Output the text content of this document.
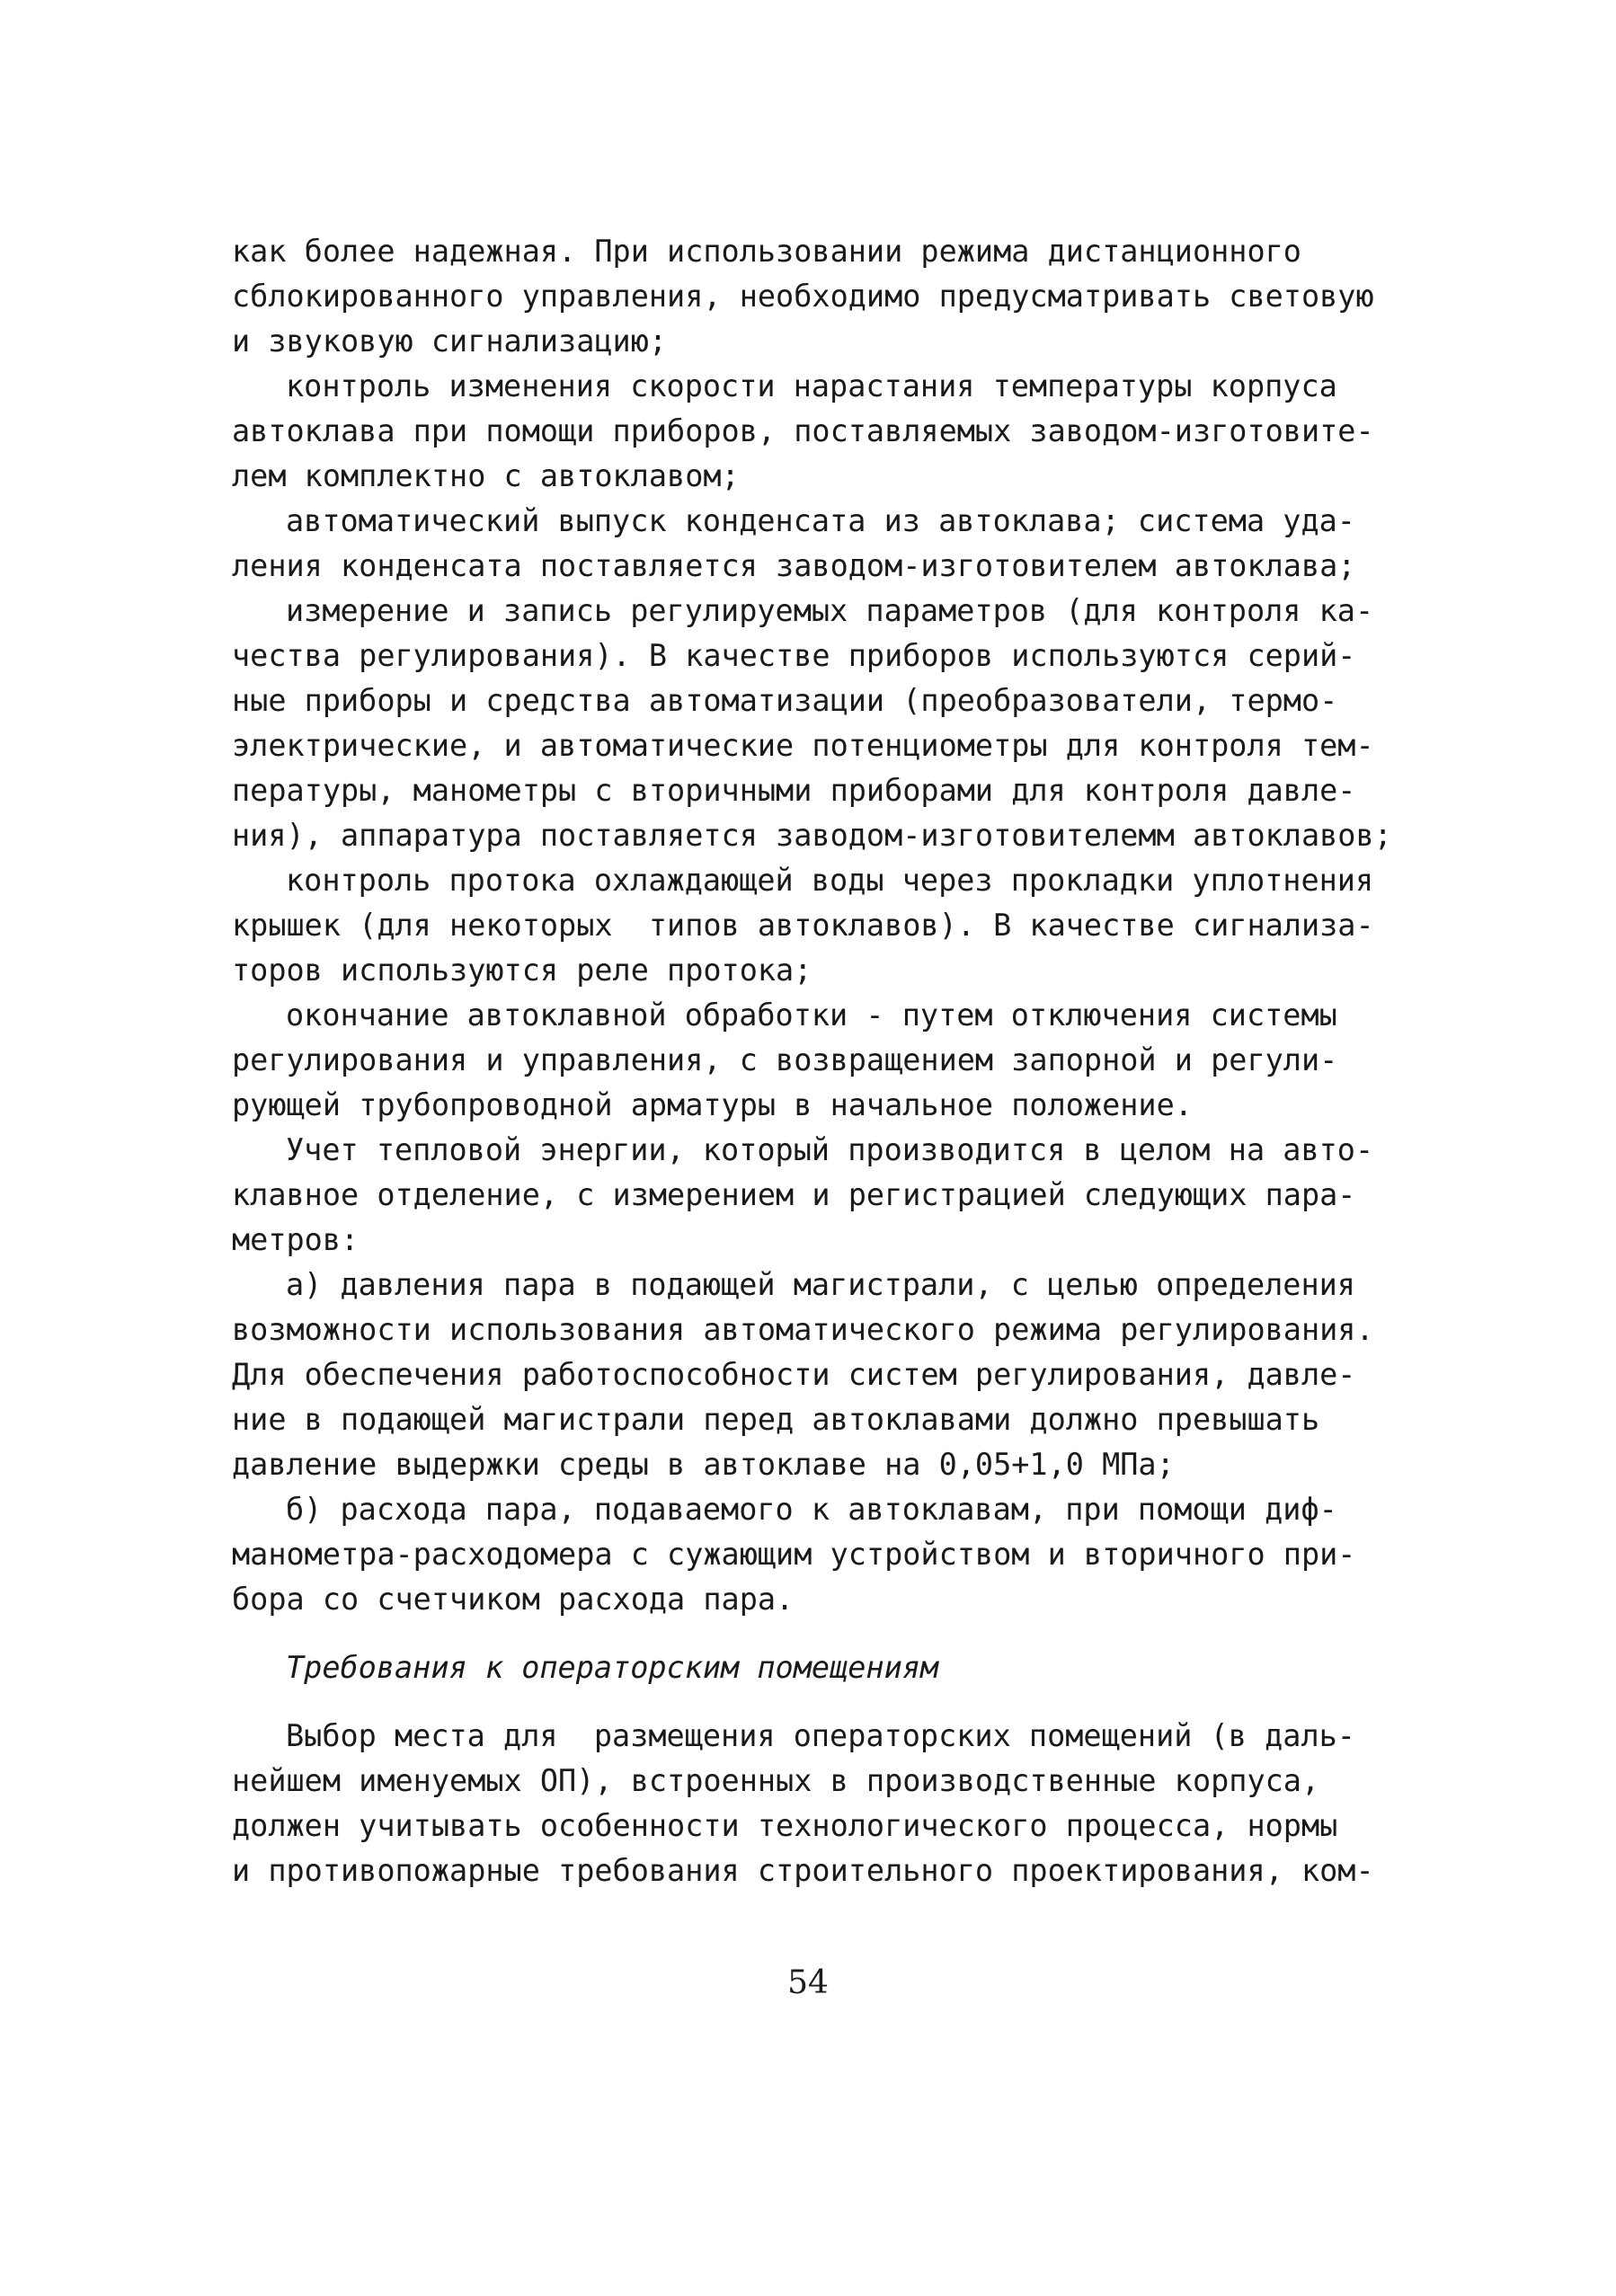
как более надежная. При использовании режима дистанционного
сблокированного управления, необходимо предусматривать световую
и звуковую сигнализацию;
контроль изменения скорости нарастания температуры корпуса
автоклава при помощи приборов, поставляемых заводом-изготовите-
лем комплектно с автоклавом;
автоматический выпуск конденсата из автоклава; система уда-
ления конденсата поставляется заводом-изготовителем автоклава;
измерение и запись регулируемых параметров (для контроля ка-
чества регулирования). В качестве приборов используются серий-
ные приборы и средства автоматизации (преобразователи, термо-
электрические, и автоматические потенциометры для контроля тем-
пературы, манометры с вторичными приборами для контроля давле-
ния), аппаратура поставляется заводом-изготовителемм автоклавов;
контроль протока охлаждающей воды через прокладки уплотнения
крышек (для некоторых  типов автоклавов). В качестве сигнализа-
торов используются реле протока;
окончание автоклавной обработки - путем отключения системы
регулирования и управления, с возвращением запорной и регули-
рующей трубопроводной арматуры в начальное положение.
Учет тепловой энергии, который производится в целом на авто-
клавное отделение, с измерением и регистрацией следующих пара-
метров:
а) давления пара в подающей магистрали, с целью определения
возможности использования автоматического режима регулирования.
Для обеспечения работоспособности систем регулирования, давле-
ние в подающей магистрали перед автоклавами должно превышать
давление выдержки среды в автоклаве на 0,05+1,0 МПа;
б) расхода пара, подаваемого к автоклавам, при помощи диф-
манометра-расходомера с сужающим устройством и вторичного при-
бора со счетчиком расхода пара.
Требования к операторским помещениям
Выбор места для  размещения операторских помещений (в даль-
нейшем именуемых ОП), встроенных в производственные корпуса,
должен учитывать особенности технологического процесса, нормы
и противопожарные требования строительного проектирования, ком-
54
